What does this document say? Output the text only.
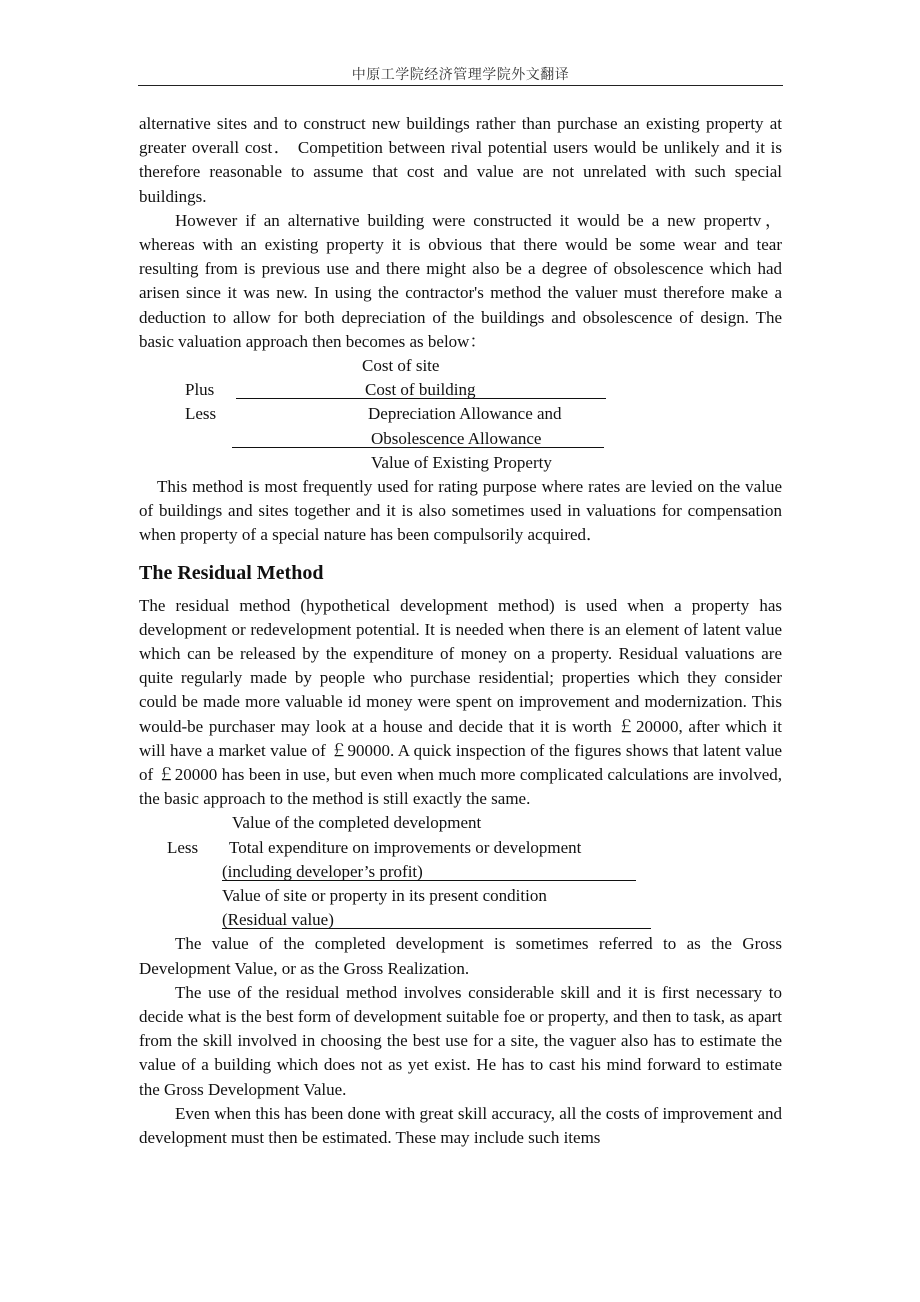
中原工学院经济管理学院外文翻译

alternative sites and to construct new buildings rather than purchase an existing property at greater overall cost． Competition between rival potential users would be unlikely and it is therefore reasonable to assume that cost and value are not unrelated with such special buildings.

However if an alternative building were constructed it would be a new propertv，whereas with an existing property it is obvious that there would be some wear and tear resulting from is previous use and there might also be a degree of obsolescence which had arisen since it was new. In using the contractor's method the valuer must therefore make a deduction to allow for both depreciation of the buildings and obsolescence of design. The basic valuation approach then becomes as below：

Cost of site
Plus	Cost of building
Less	Depreciation Allowance and
Obsolescence Allowance
Value of Existing Property

This method is most frequently used for rating purpose where rates are levied on the value of buildings and sites together and it is also sometimes used in valuations for compensation when property of a special nature has been compulsorily acquired．

The Residual Method

The residual method (hypothetical development method) is used when a property has development or redevelopment potential. It is needed when there is an element of latent value which can be released by the expenditure of money on a property. Residual valuations are quite regularly made by people who purchase residential; properties which they consider could be made more valuable id money were spent on improvement and modernization. This would-be purchaser may look at a house and decide that it is worth ￡20000, after which it will have a market value of ￡90000. A quick inspection of the figures shows that latent value of ￡20000 has been in use, but even when much more complicated calculations are involved, the basic approach to the method is still exactly the same.

Value of the completed development
Less Total expenditure on improvements or development
(including developer’s profit)
Value of site or property in its present condition
(Residual value)

The value of the completed development is sometimes referred to as the Gross Development Value, or as the Gross Realization.

The use of the residual method involves considerable skill and it is first necessary to decide what is the best form of development suitable foe or property, and then to task, as apart from the skill involved in choosing the best use for a site, the vaguer also has to estimate the value of a building which does not as yet exist. He has to cast his mind forward to estimate the Gross Development Value.

Even when this has been done with great skill accuracy, all the costs of improvement and development must then be estimated. These may include such items
